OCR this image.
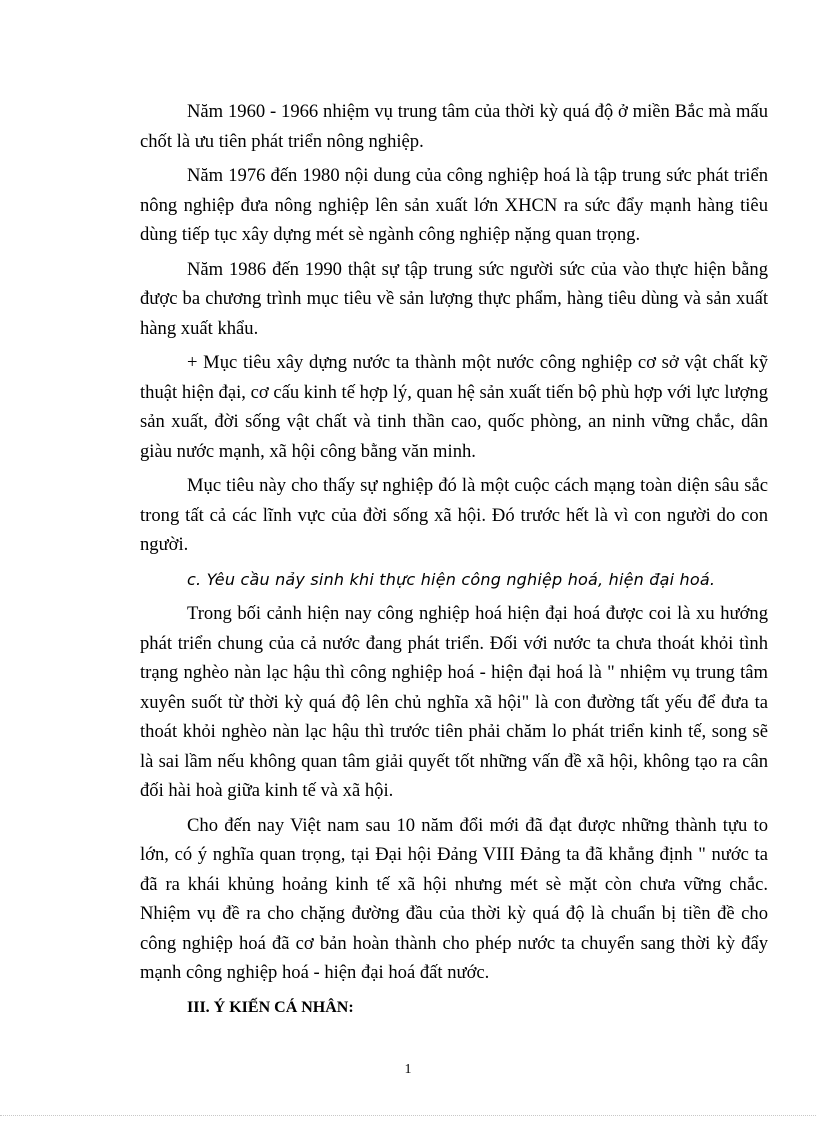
Năm 1960 - 1966 nhiệm vụ trung tâm của thời kỳ quá độ ở miền Bắc mà mấu chốt là ưu tiên phát triển nông nghiệp.

Năm 1976 đến 1980 nội dung của công nghiệp hoá là tập trung sức phát triển nông nghiệp đưa nông nghiệp lên sản xuất lớn XHCN ra sức đẩy mạnh hàng tiêu dùng tiếp tục xây dựng mét sè ngành công nghiệp nặng quan trọng.

Năm 1986 đến 1990 thật sự tập trung sức người sức của vào thực hiện bằng được ba chương trình mục tiêu về sản lượng thực phẩm, hàng tiêu dùng và sản xuất hàng xuất khẩu.

+ Mục tiêu xây dựng nước ta thành một nước công nghiệp cơ sở vật chất kỹ thuật hiện đại, cơ cấu kinh tế hợp lý, quan hệ sản xuất tiến bộ phù hợp với lực lượng sản xuất, đời sống vật chất và tinh thần cao, quốc phòng, an ninh vững chắc, dân giàu nước mạnh, xã hội công bằng văn minh.

Mục tiêu này cho thấy sự nghiệp đó là một cuộc cách mạng toàn diện sâu sắc trong tất cả các lĩnh vực của đời sống xã hội. Đó trước hết là vì con người do con người.

c. Yêu cầu nảy sinh khi thực hiện công nghiệp hoá, hiện đại hoá.

Trong bối cảnh hiện nay công nghiệp hoá hiện đại hoá được coi là xu hướng phát triển chung của cả nước đang phát triển. Đối với nước ta chưa thoát khỏi tình trạng nghèo nàn lạc hậu thì công nghiệp hoá - hiện đại hoá là " nhiệm vụ trung tâm xuyên suốt từ thời kỳ quá độ lên chủ nghĩa xã hội" là con đường tất yếu để đưa ta thoát khỏi nghèo nàn lạc hậu thì trước tiên phải chăm lo phát triển kinh tế, song sẽ là sai lầm nếu không quan tâm giải quyết tốt những vấn đề xã hội, không tạo ra cân đối hài hoà giữa kinh tế và xã hội.

Cho đến nay Việt nam sau 10 năm đổi mới đã đạt được những thành tựu to lớn, có ý nghĩa quan trọng, tại Đại hội Đảng VIII Đảng ta đã khẳng định " nước ta đã ra khái khủng hoảng kinh tế xã hội nhưng mét sè mặt còn chưa vững chắc. Nhiệm vụ đề ra cho chặng đường đầu của thời kỳ quá độ là chuẩn bị tiền đề cho công nghiệp hoá đã cơ bản hoàn thành cho phép nước ta chuyển sang thời kỳ đẩy mạnh công nghiệp hoá - hiện đại hoá đất nước.

III. Ý KIẾN CÁ NHÂN:

1
